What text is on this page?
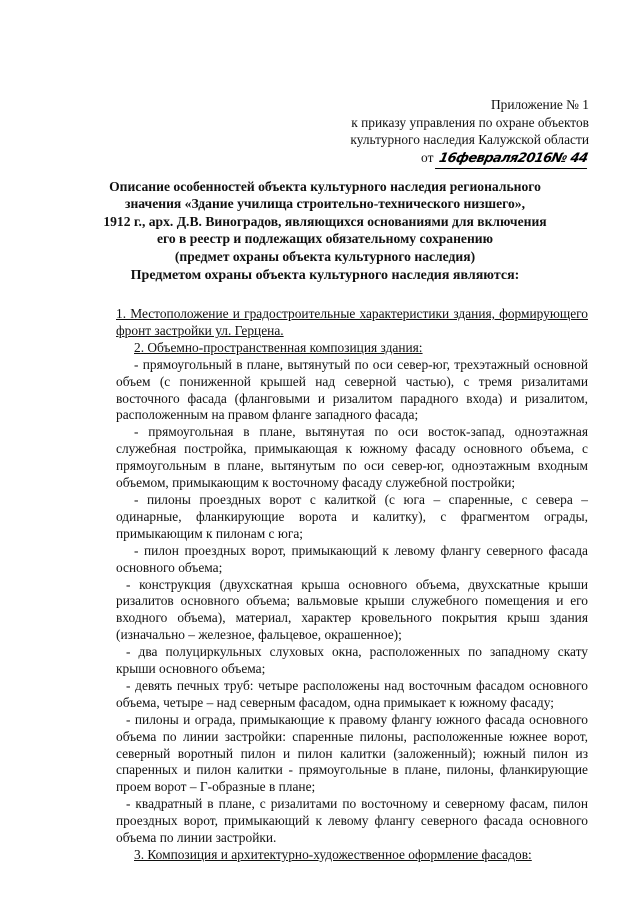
Приложение № 1
к приказу управления по охране объектов
культурного наследия Калужской области
от 16февраля2016№ 44
Описание особенностей объекта культурного наследия регионального
значения «Здание училища строительно-технического низшего»,
1912 г., арх. Д.В. Виноградов, являющихся основаниями для включения
его в реестр и подлежащих обязательному сохранению
(предмет охраны объекта культурного наследия)
Предметом охраны объекта культурного наследия являются:

1. Местоположение и градостроительные характеристики здания, формирующего фронт застройки ул. Герцена.

2. Объемно-пространственная композиция здания:

- прямоугольный в плане, вытянутый по оси север-юг, трехэтажный основной объем (с пониженной крышей над северной частью), с тремя ризалитами восточного фасада (фланговыми и ризалитом парадного входа) и ризалитом, расположенным на правом фланге западного фасада;

- прямоугольная в плане, вытянутая по оси восток-запад, одноэтажная служебная постройка, примыкающая к южному фасаду основного объема, с прямоугольным в плане, вытянутым по оси север-юг, одноэтажным входным объемом, примыкающим к восточному фасаду служебной постройки;

- пилоны проездных ворот с калиткой (с юга – спаренные, с севера – одинарные, фланкирующие ворота и калитку), с фрагментом ограды, примыкающим к пилонам с юга;

- пилон проездных ворот, примыкающий к левому флангу северного фасада основного объема;

- конструкция (двухскатная крыша основного объема, двухскатные крыши ризалитов основного объема; вальмовые крыши служебного помещения и его входного объема), материал, характер кровельного покрытия крыш здания (изначально – железное, фальцевое, окрашенное);

- два полуциркульных слуховых окна, расположенных по западному скату крыши основного объема;

- девять печных труб: четыре расположены над восточным фасадом основного объема, четыре – над северным фасадом, одна примыкает к южному фасаду;

- пилоны и ограда, примыкающие к правому флангу южного фасада основного объема по линии застройки: спаренные пилоны, расположенные южнее ворот, северный воротный пилон и пилон калитки (заложенный); южный пилон из спаренных и пилон калитки - прямоугольные в плане, пилоны, фланкирующие проем ворот – Г-образные в плане;

- квадратный в плане, с ризалитами по восточному и северному фасам, пилон проездных ворот, примыкающий к левому флангу северного фасада основного объема по линии застройки.

3. Композиция и архитектурно-художественное оформление фасадов:
